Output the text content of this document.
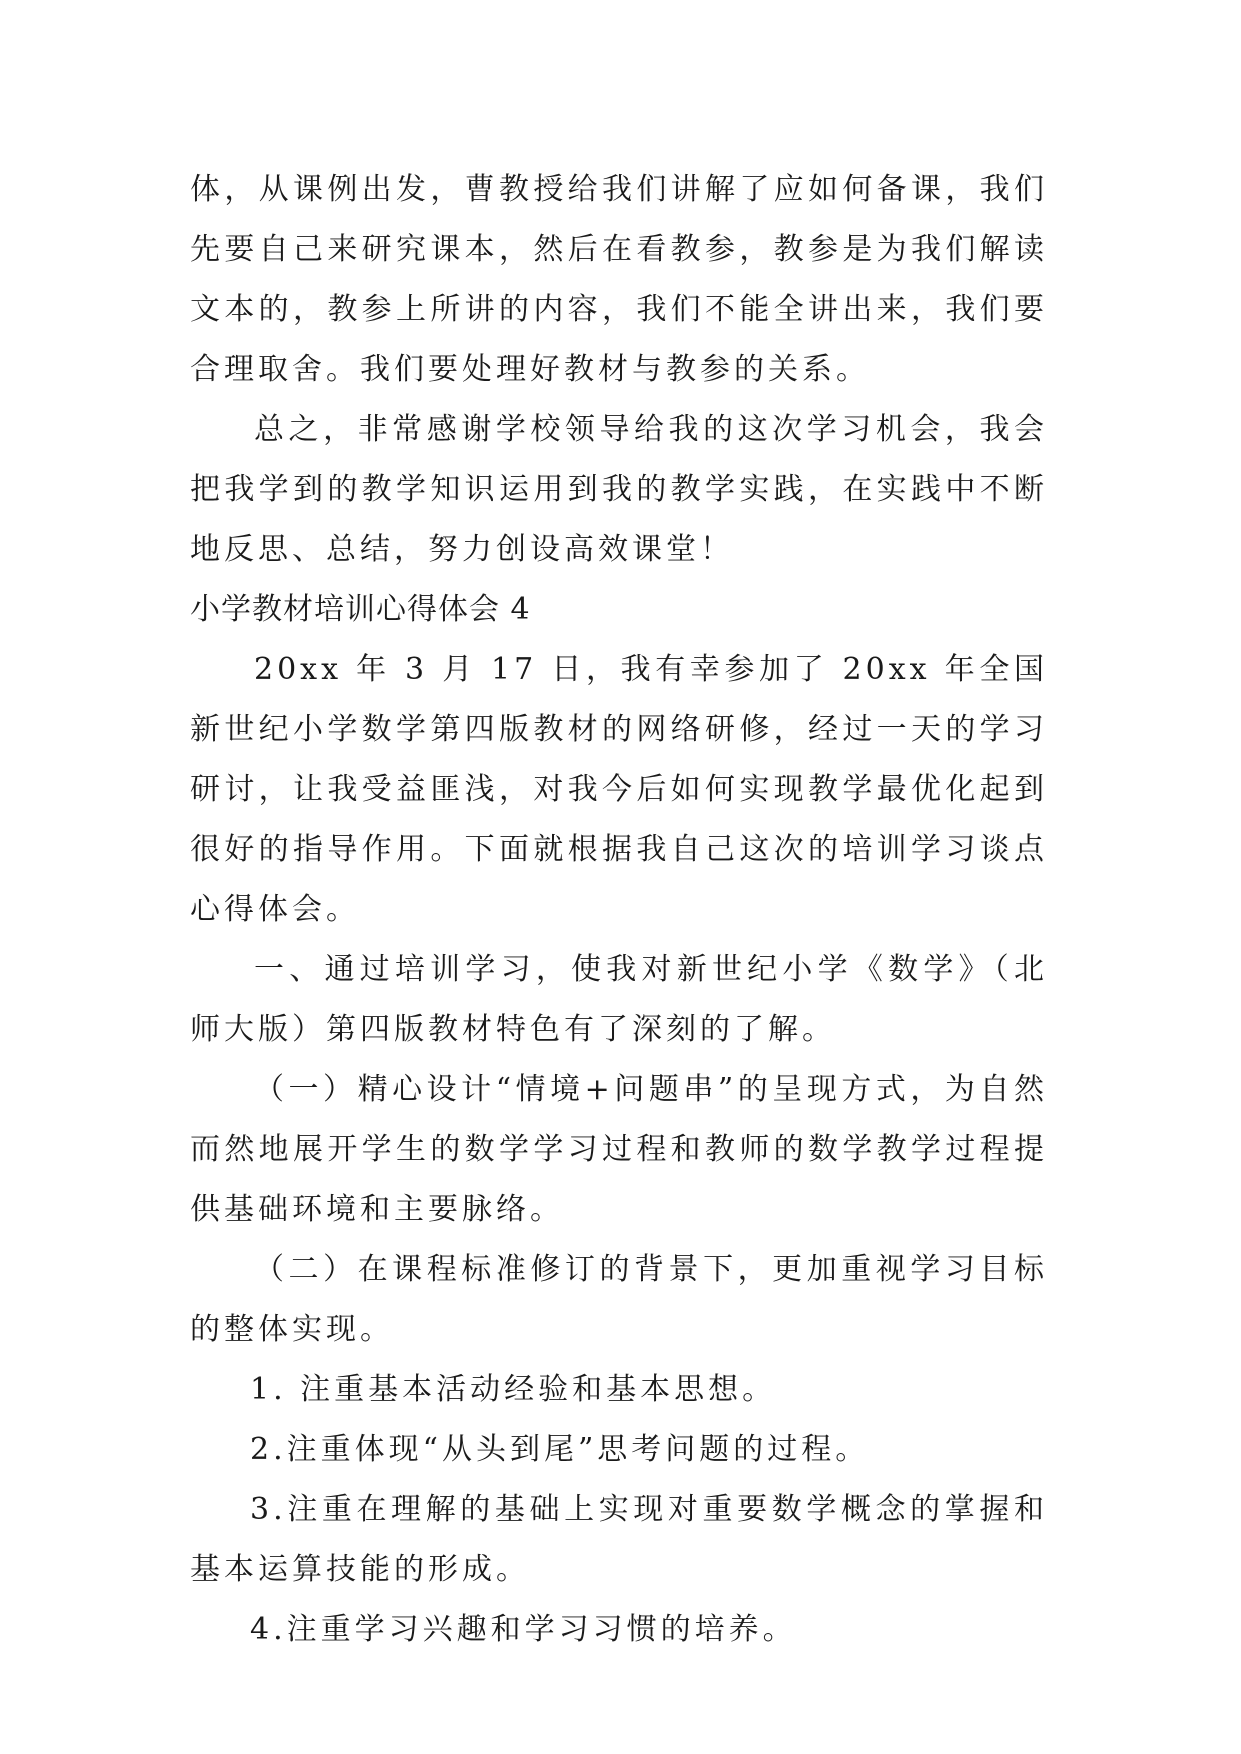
体，从课例出发，曹教授给我们讲解了应如何备课，我们先要自己来研究课本，然后在看教参，教参是为我们解读文本的，教参上所讲的内容，我们不能全讲出来，我们要合理取舍。我们要处理好教材与教参的关系。

总之，非常感谢学校领导给我的这次学习机会，我会把我学到的教学知识运用到我的教学实践，在实践中不断地反思、总结，努力创设高效课堂！

小学教材培训心得体会 4

20xx 年 3 月 17 日，我有幸参加了 20xx 年全国新世纪小学数学第四版教材的网络研修，经过一天的学习研讨，让我受益匪浅，对我今后如何实现教学最优化起到很好的指导作用。下面就根据我自己这次的培训学习谈点心得体会。

一、通过培训学习，使我对新世纪小学《数学》（北师大版）第四版教材特色有了深刻的了解。

（一）精心设计“情境+问题串”的呈现方式，为自然而然地展开学生的数学学习过程和教师的数学教学过程提供基础环境和主要脉络。

（二）在课程标准修订的背景下，更加重视学习目标的整体实现。

1. 注重基本活动经验和基本思想。

2.注重体现“从头到尾”思考问题的过程。

3.注重在理解的基础上实现对重要数学概念的掌握和基本运算技能的形成。

4.注重学习兴趣和学习习惯的培养。
